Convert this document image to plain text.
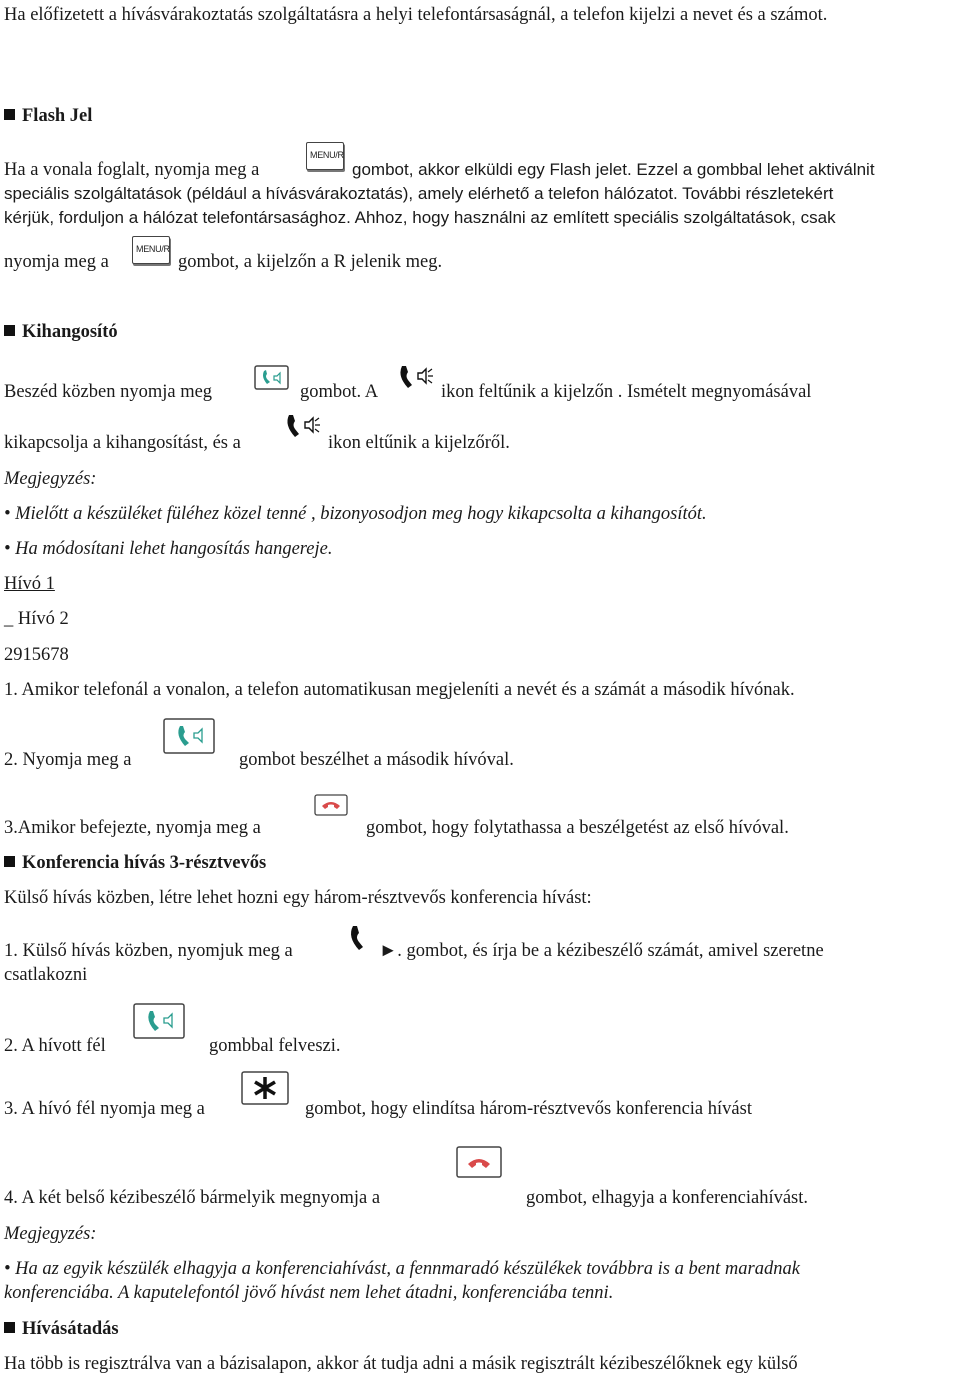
Ha előfizetett a hívásvárakoztatás szolgáltatásra a helyi telefontársaságnál, a telefon kijelzi a nevet és a számot.
Flash Jel
Ha a vonala foglalt, nyomja meg a
MENU/R
gombot, akkor elküldi egy Flash jelet. Ezzel a gombbal lehet aktiválnit
speciális szolgáltatások (például a hívásvárakoztatás), amely elérhető a telefon hálózatot. További részletekért
kérjük, forduljon a hálózat telefontársasághoz. Ahhoz, hogy használni az említett speciális szolgáltatások, csak
nyomja meg a
MENU/R
gombot, a kijelzőn a R jelenik meg.
Kihangosító
Beszéd közben nyomja meg	gombot. A	ikon feltűnik a kijelzőn . Ismételt megnyomásával
kikapcsolja a kihangosítást, és a	ikon eltűnik a kijelzőről.
Megjegyzés:
• Mielőtt a készüléket füléhez közel tenné , bizonyosodjon meg hogy kikapcsolta a kihangosítót.
• Ha módosítani lehet hangosítás hangereje.
Hívó 1
_ Hívó 2
2915678
1. Amikor telefonál a vonalon, a telefon automatikusan megjeleníti a nevét és a számát a második hívónak.
2. Nyomja meg a	gombot beszélhet a második hívóval.
3.Amikor befejezte, nyomja meg a	gombot, hogy folytathassa a beszélgetést az első hívóval.
Konferencia hívás 3-résztvevős
Külső hívás közben, létre lehet hozni egy három-résztvevős konferencia hívást:
1. Külső hívás közben, nyomjuk meg a	►. gombot, és írja be a kézibeszélő számát, amivel szeretne
csatlakozni
2. A hívott fél	gombbal felveszi.
3. A hívó fél nyomja meg a	gombot, hogy elindítsa három-résztvevős konferencia hívást
4. A két belső kézibeszélő bármelyik megnyomja a	gombot, elhagyja a konferenciahívást.
Megjegyzés:
• Ha az egyik készülék elhagyja a konferenciahívást, a fennmaradó készülékek továbbra is a bent maradnak
konferenciába. A kaputelefontól jövő hívást nem lehet átadni, konferenciába tenni.
Hívásátadás
Ha több is regisztrálva van a bázisalapon, akkor át tudja adni a másik regisztrált kézibeszélőknek egy külső
